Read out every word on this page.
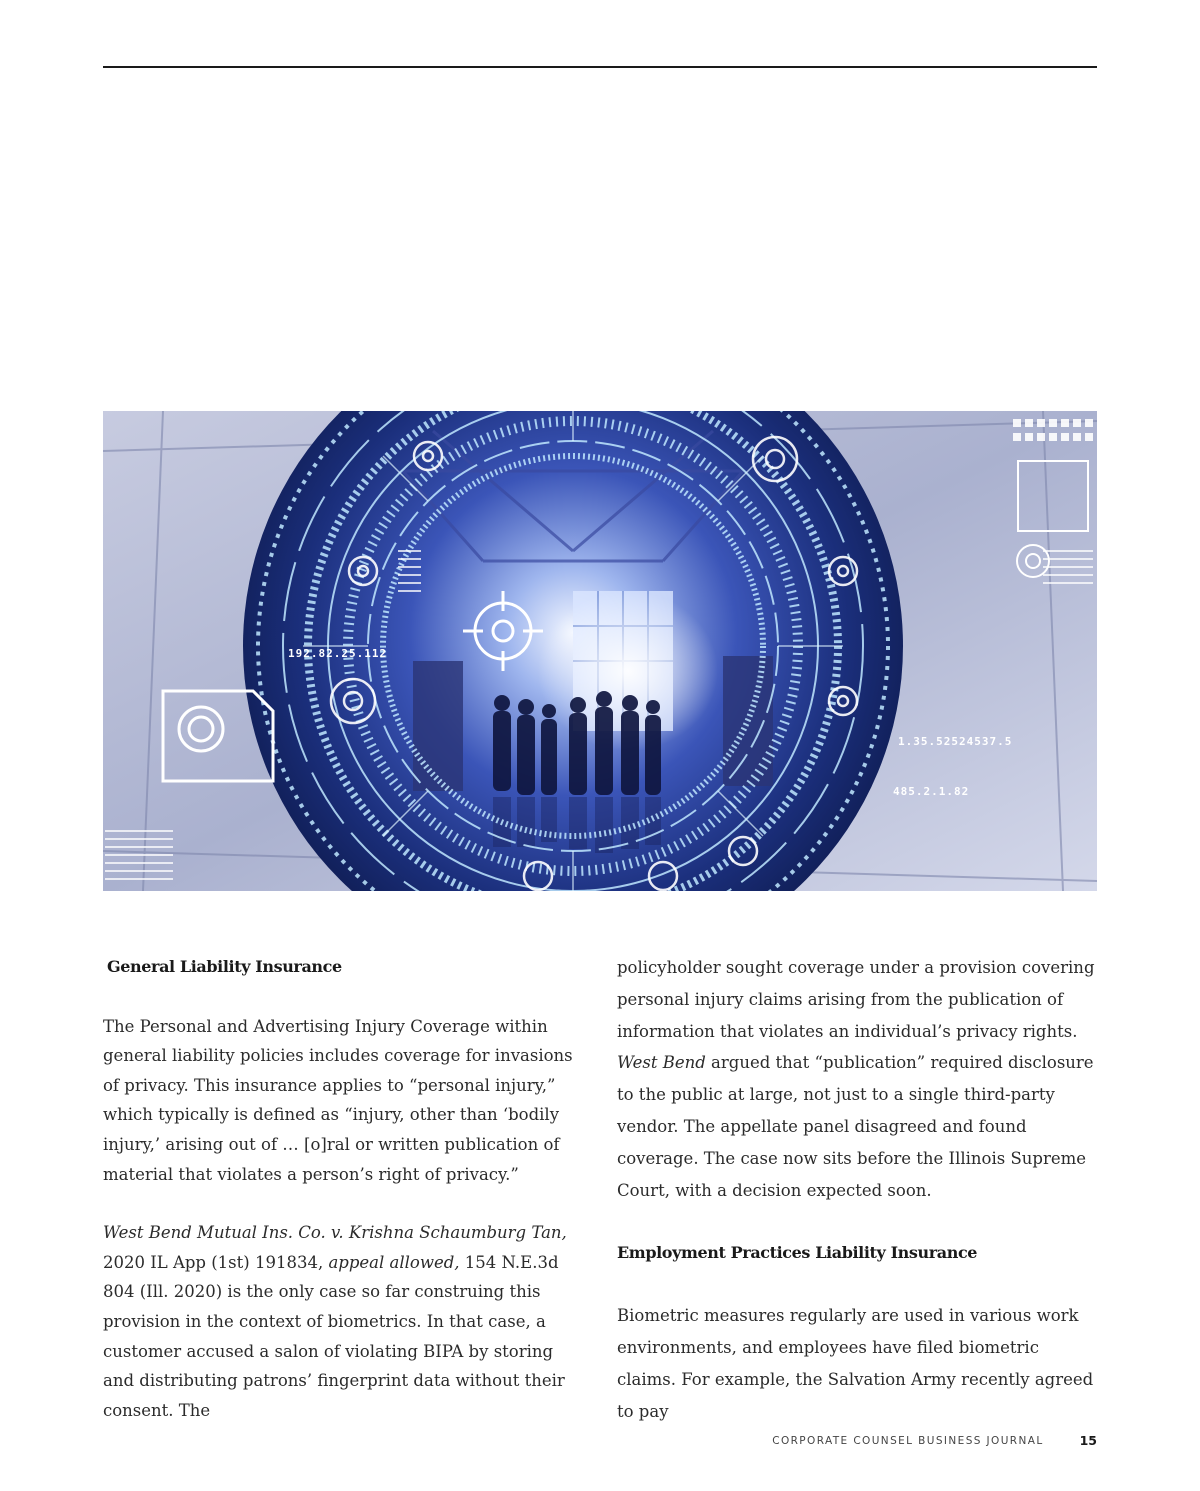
192.82.25.112
1.35.52524537.5
485.2.1.82

General Liability Insurance

The Personal and Advertising Injury Coverage within general liability policies includes coverage for invasions of privacy. This insurance applies to “personal injury,” which typically is defined as “injury, other than ‘bodily injury,’ arising out of … [o]ral or written publication of material that violates a person’s right of privacy.”

West Bend Mutual Ins. Co. v. Krishna Schaumburg Tan, 2020 IL App (1st) 191834, appeal allowed, 154 N.E.3d 804 (Ill. 2020) is the only case so far construing this provision in the context of biometrics. In that case, a customer accused a salon of violating BIPA by storing and distributing patrons’ fingerprint data without their consent. The

policyholder sought coverage under a provision covering personal injury claims arising from the publication of information that violates an individual’s privacy rights. West Bend argued that “publication” required disclosure to the public at large, not just to a single third-party vendor. The appellate panel disagreed and found coverage. The case now sits before the Illinois Supreme Court, with a decision expected soon.

Employment Practices Liability Insurance

Biometric measures regularly are used in various work environments, and employees have filed biometric claims. For example, the Salvation Army recently agreed to pay

CORPORATE COUNSEL BUSINESS JOURNAL	15
